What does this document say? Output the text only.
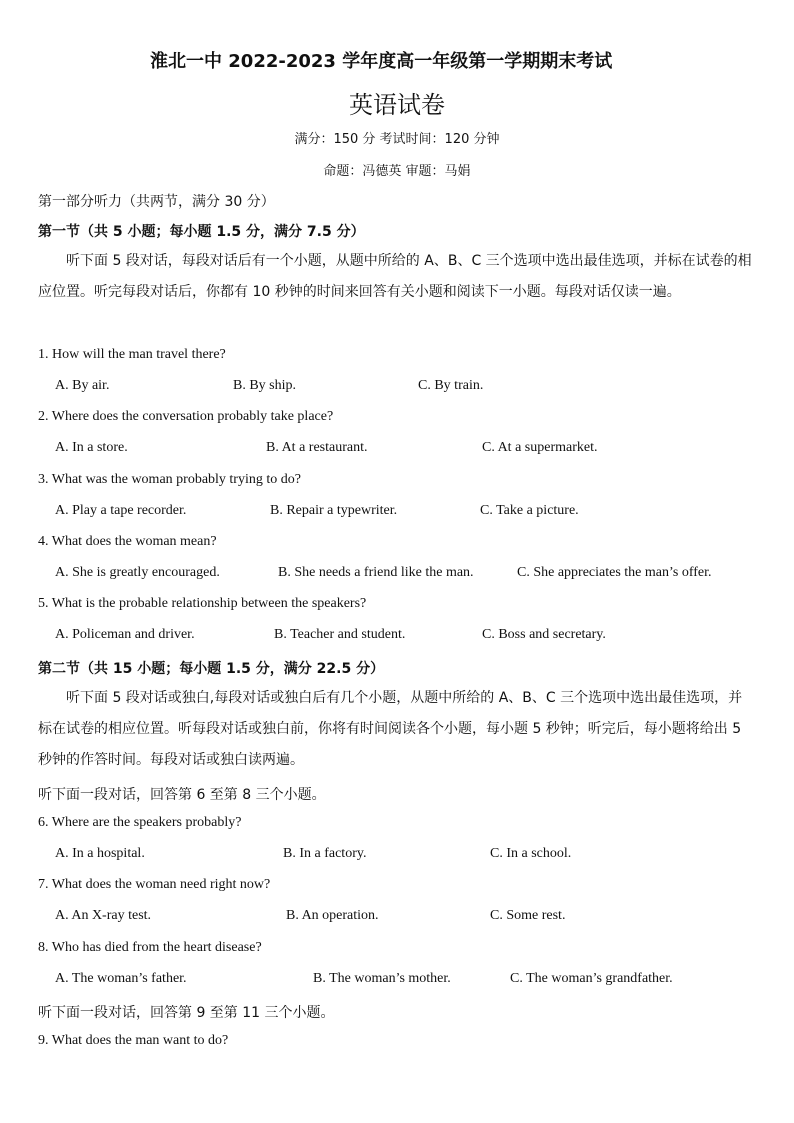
淮北一中 2022-2023 学年度高一年级第一学期期末考试
英语试卷
满分：150 分 考试时间：120 分钟
命题：冯德英 审题：马娟
第一部分听力（共两节，满分 30 分）
第一节（共 5 小题；每小题 1.5 分，满分 7.5 分）
听下面 5 段对话，每段对话后有一个小题，从题中所给的 A、B、C 三个选项中选出最佳选项，并标在试卷的相应位置。听完每段对话后，你都有 10 秒钟的时间来回答有关小题和阅读下一小题。每段对话仅读一遍。
1. How will the man travel there?
A. By air.	B. By ship.	C. By train.
2. Where does the conversation probably take place?
A. In a store.	B. At a restaurant.	C. At a supermarket.
3. What was the woman probably trying to do?
A. Play a tape recorder.	B. Repair a typewriter.	C. Take a picture.
4. What does the woman mean?
A. She is greatly encouraged.	B. She needs a friend like the man.	C. She appreciates the man’s offer.
5. What is the probable relationship between the speakers?
A. Policeman and driver.	B. Teacher and student.	C. Boss and secretary.
第二节（共 15 小题；每小题 1.5 分，满分 22.5 分）
听下面 5 段对话或独白,每段对话或独白后有几个小题，从题中所给的 A、B、C 三个选项中选出最佳选项，并标在试卷的相应位置。听每段对话或独白前，你将有时间阅读各个小题，每小题 5 秒钟；听完后，每小题将给出 5 秒钟的作答时间。每段对话或独白读两遍。
听下面一段对话，回答第 6 至第 8 三个小题。
6. Where are the speakers probably?
A. In a hospital.	B. In a factory.	C. In a school.
7. What does the woman need right now?
A. An X-ray test.	B. An operation.	C. Some rest.
8. Who has died from the heart disease?
A. The woman’s father.	B. The woman’s mother.	C. The woman’s grandfather.
听下面一段对话，回答第 9 至第 11 三个小题。
9. What does the man want to do?
